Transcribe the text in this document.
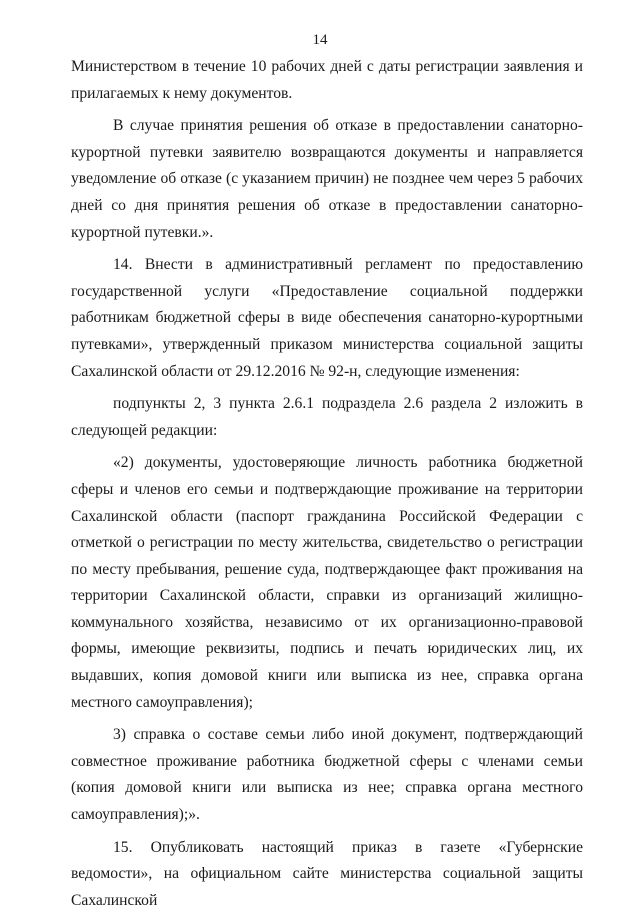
14

Министерством в течение 10 рабочих дней с даты регистрации заявления и прилагаемых к нему документов.

В случае принятия решения об отказе в предоставлении санаторно-курортной путевки заявителю возвращаются документы и направляется уведомление об отказе (с указанием причин) не позднее чем через 5 рабочих дней со дня принятия решения об отказе в предоставлении санаторно-курортной путевки.».

14. Внести в административный регламент по предоставлению государственной услуги «Предоставление социальной поддержки работникам бюджетной сферы в виде обеспечения санаторно-курортными путевками», утвержденный приказом министерства социальной защиты Сахалинской области от 29.12.2016 № 92-н, следующие изменения:

подпункты 2, 3 пункта 2.6.1 подраздела 2.6 раздела 2 изложить в следующей редакции:

«2) документы, удостоверяющие личность работника бюджетной сферы и членов его семьи и подтверждающие проживание на территории Сахалинской области (паспорт гражданина Российской Федерации с отметкой о регистрации по месту жительства, свидетельство о регистрации по месту пребывания, решение суда, подтверждающее факт проживания на территории Сахалинской области, справки из организаций жилищно-коммунального хозяйства, независимо от их организационно-правовой формы, имеющие реквизиты, подпись и печать юридических лиц, их выдавших, копия домовой книги или выписка из нее, справка органа местного самоуправления);

3) справка о составе семьи либо иной документ, подтверждающий совместное проживание работника бюджетной сферы с членами семьи (копия домовой книги или выписка из нее; справка органа местного самоуправления);».

15. Опубликовать настоящий приказ в газете «Губернские ведомости», на официальном сайте министерства социальной защиты Сахалинской
